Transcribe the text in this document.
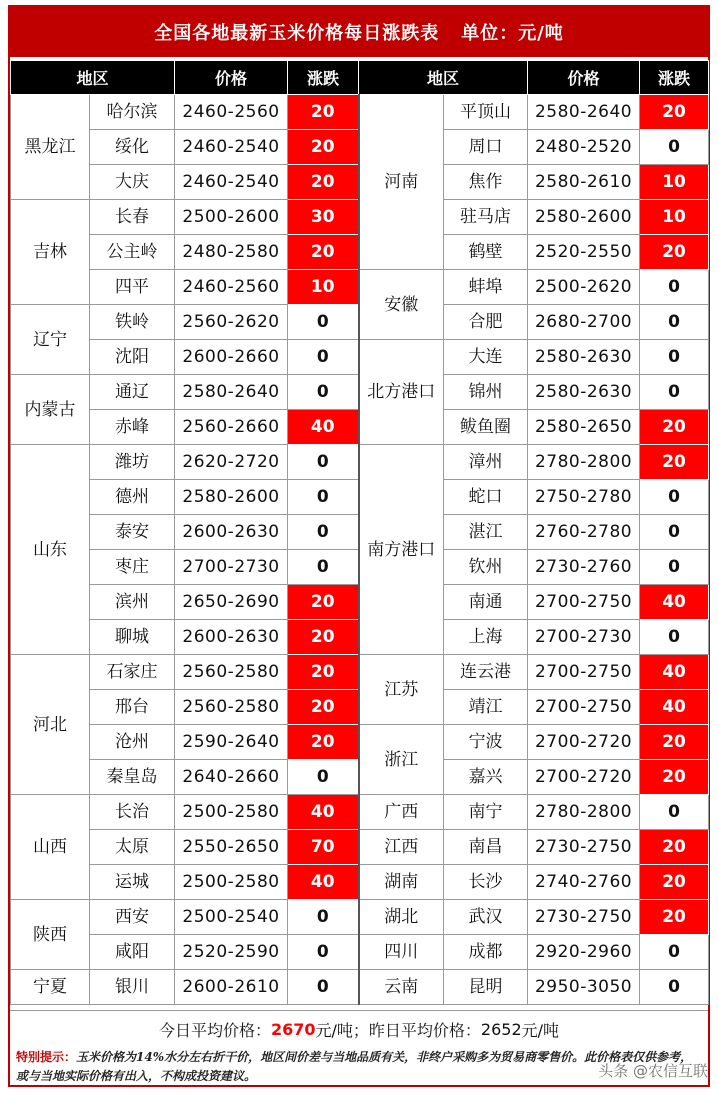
全国各地最新玉米价格每日涨跌表 单位：元/吨
地区		价格	涨跌	地区		价格	涨跌
黑龙江	哈尔滨	2460-2560	20	河南	平顶山	2580-2640	20
	绥化	2460-2540	20		周口	2480-2520	0
	大庆	2460-2540	20		焦作	2580-2610	10
吉林	长春	2500-2600	30		驻马店	2580-2600	10
	公主岭	2480-2580	20		鹤壁	2520-2550	20
	四平	2460-2560	10	安徽	蚌埠	2500-2620	0
辽宁	铁岭	2560-2620	0		合肥	2680-2700	0
	沈阳	2600-2660	0	北方港口	大连	2580-2630	0
内蒙古	通辽	2580-2640	0		锦州	2580-2630	0
	赤峰	2560-2660	40		鲅鱼圈	2580-2650	20
山东	潍坊	2620-2720	0	南方港口	漳州	2780-2800	20
	德州	2580-2600	0		蛇口	2750-2780	0
	泰安	2600-2630	0		湛江	2760-2780	0
	枣庄	2700-2730	0		钦州	2730-2760	0
	滨州	2650-2690	20		南通	2700-2750	40
	聊城	2600-2630	20		上海	2700-2730	0
河北	石家庄	2560-2580	20	江苏	连云港	2700-2750	40
	邢台	2560-2580	20		靖江	2700-2750	40
	沧州	2590-2640	20	浙江	宁波	2700-2720	20
	秦皇岛	2640-2660	0		嘉兴	2700-2720	20
山西	长治	2500-2580	40	广西	南宁	2780-2800	0
	太原	2550-2650	70	江西	南昌	2730-2750	20
	运城	2500-2580	40	湖南	长沙	2740-2760	20
陕西	西安	2500-2540	0	湖北	武汉	2730-2750	20
	咸阳	2520-2590	0	四川	成都	2920-2960	0
宁夏	银川	2600-2610	0	云南	昆明	2950-3050	0
今日平均价格： 2670 元/吨； 昨日平均价格： 2652 元/吨
特别提示：玉米价格为14%水分左右折干价，地区间价差与当地品质有关，非终户采购多为贸易商零售价。此价格表仅供参考，或与当地实际价格有出入，不构成投资建议。	头条 @农信互联
